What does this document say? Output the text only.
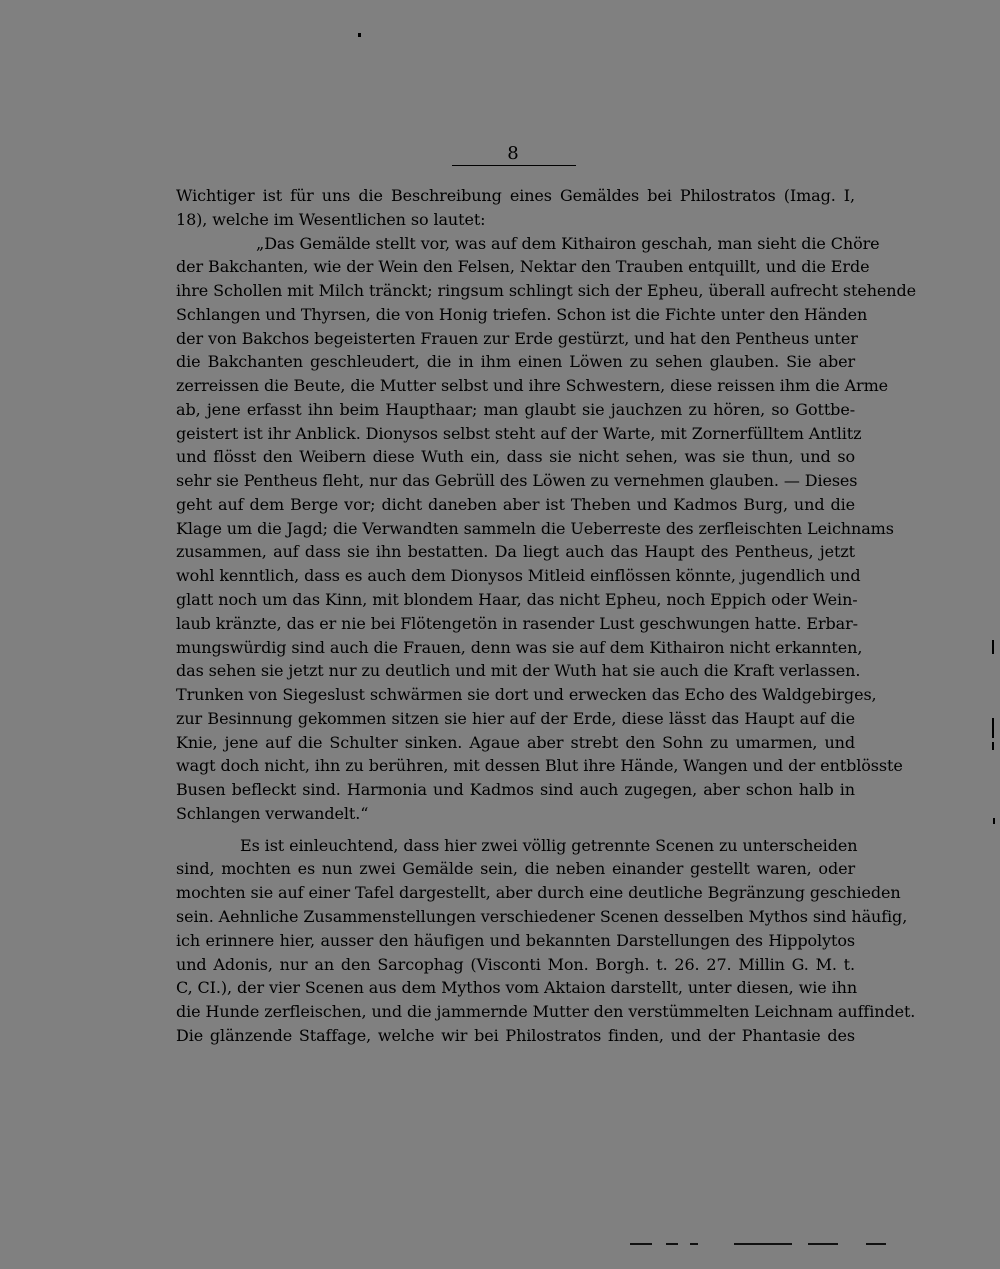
8
Wichtiger ist für uns die Beschreibung eines Gemäldes bei Philostratos (Imag. I,
18), welche im Wesentlichen so lautet:
„Das Gemälde stellt vor, was auf dem Kithairon geschah, man sieht die Chöre
der Bakchanten, wie der Wein den Felsen, Nektar den Trauben entquillt, und die Erde
ihre Schollen mit Milch tränckt; ringsum schlingt sich der Epheu, überall aufrecht stehende
Schlangen und Thyrsen, die von Honig triefen. Schon ist die Fichte unter den Händen
der von Bakchos begeisterten Frauen zur Erde gestürzt, und hat den Pentheus unter
die Bakchanten geschleudert, die in ihm einen Löwen zu sehen glauben. Sie aber
zerreissen die Beute, die Mutter selbst und ihre Schwestern, diese reissen ihm die Arme
ab, jene erfasst ihn beim Haupthaar; man glaubt sie jauchzen zu hören, so Gottbe-
geistert ist ihr Anblick. Dionysos selbst steht auf der Warte, mit Zornerfülltem Antlitz
und flösst den Weibern diese Wuth ein, dass sie nicht sehen, was sie thun, und so
sehr sie Pentheus fleht, nur das Gebrüll des Löwen zu vernehmen glauben. — Dieses
geht auf dem Berge vor; dicht daneben aber ist Theben und Kadmos Burg, und die
Klage um die Jagd; die Verwandten sammeln die Ueberreste des zerfleischten Leichnams
zusammen, auf dass sie ihn bestatten. Da liegt auch das Haupt des Pentheus, jetzt
wohl kenntlich, dass es auch dem Dionysos Mitleid einflössen könnte, jugendlich und
glatt noch um das Kinn, mit blondem Haar, das nicht Epheu, noch Eppich oder Wein-
laub kränzte, das er nie bei Flötengetön in rasender Lust geschwungen hatte. Erbar-
mungswürdig sind auch die Frauen, denn was sie auf dem Kithairon nicht erkannten,
das sehen sie jetzt nur zu deutlich und mit der Wuth hat sie auch die Kraft verlassen.
Trunken von Siegeslust schwärmen sie dort und erwecken das Echo des Waldgebirges,
zur Besinnung gekommen sitzen sie hier auf der Erde, diese lässt das Haupt auf die
Knie, jene auf die Schulter sinken. Agaue aber strebt den Sohn zu umarmen, und
wagt doch nicht, ihn zu berühren, mit dessen Blut ihre Hände, Wangen und der entblösste
Busen befleckt sind. Harmonia und Kadmos sind auch zugegen, aber schon halb in
Schlangen verwandelt.“
Es ist einleuchtend, dass hier zwei völlig getrennte Scenen zu unterscheiden
sind, mochten es nun zwei Gemälde sein, die neben einander gestellt waren, oder
mochten sie auf einer Tafel dargestellt, aber durch eine deutliche Begränzung geschieden
sein. Aehnliche Zusammenstellungen verschiedener Scenen desselben Mythos sind häufig,
ich erinnere hier, ausser den häufigen und bekannten Darstellungen des Hippolytos
und Adonis, nur an den Sarcophag (Visconti Mon. Borgh. t. 26. 27. Millin G. M. t.
C, CI.), der vier Scenen aus dem Mythos vom Aktaion darstellt, unter diesen, wie ihn
die Hunde zerfleischen, und die jammernde Mutter den verstümmelten Leichnam auffindet.
Die glänzende Staffage, welche wir bei Philostratos finden, und der Phantasie des
